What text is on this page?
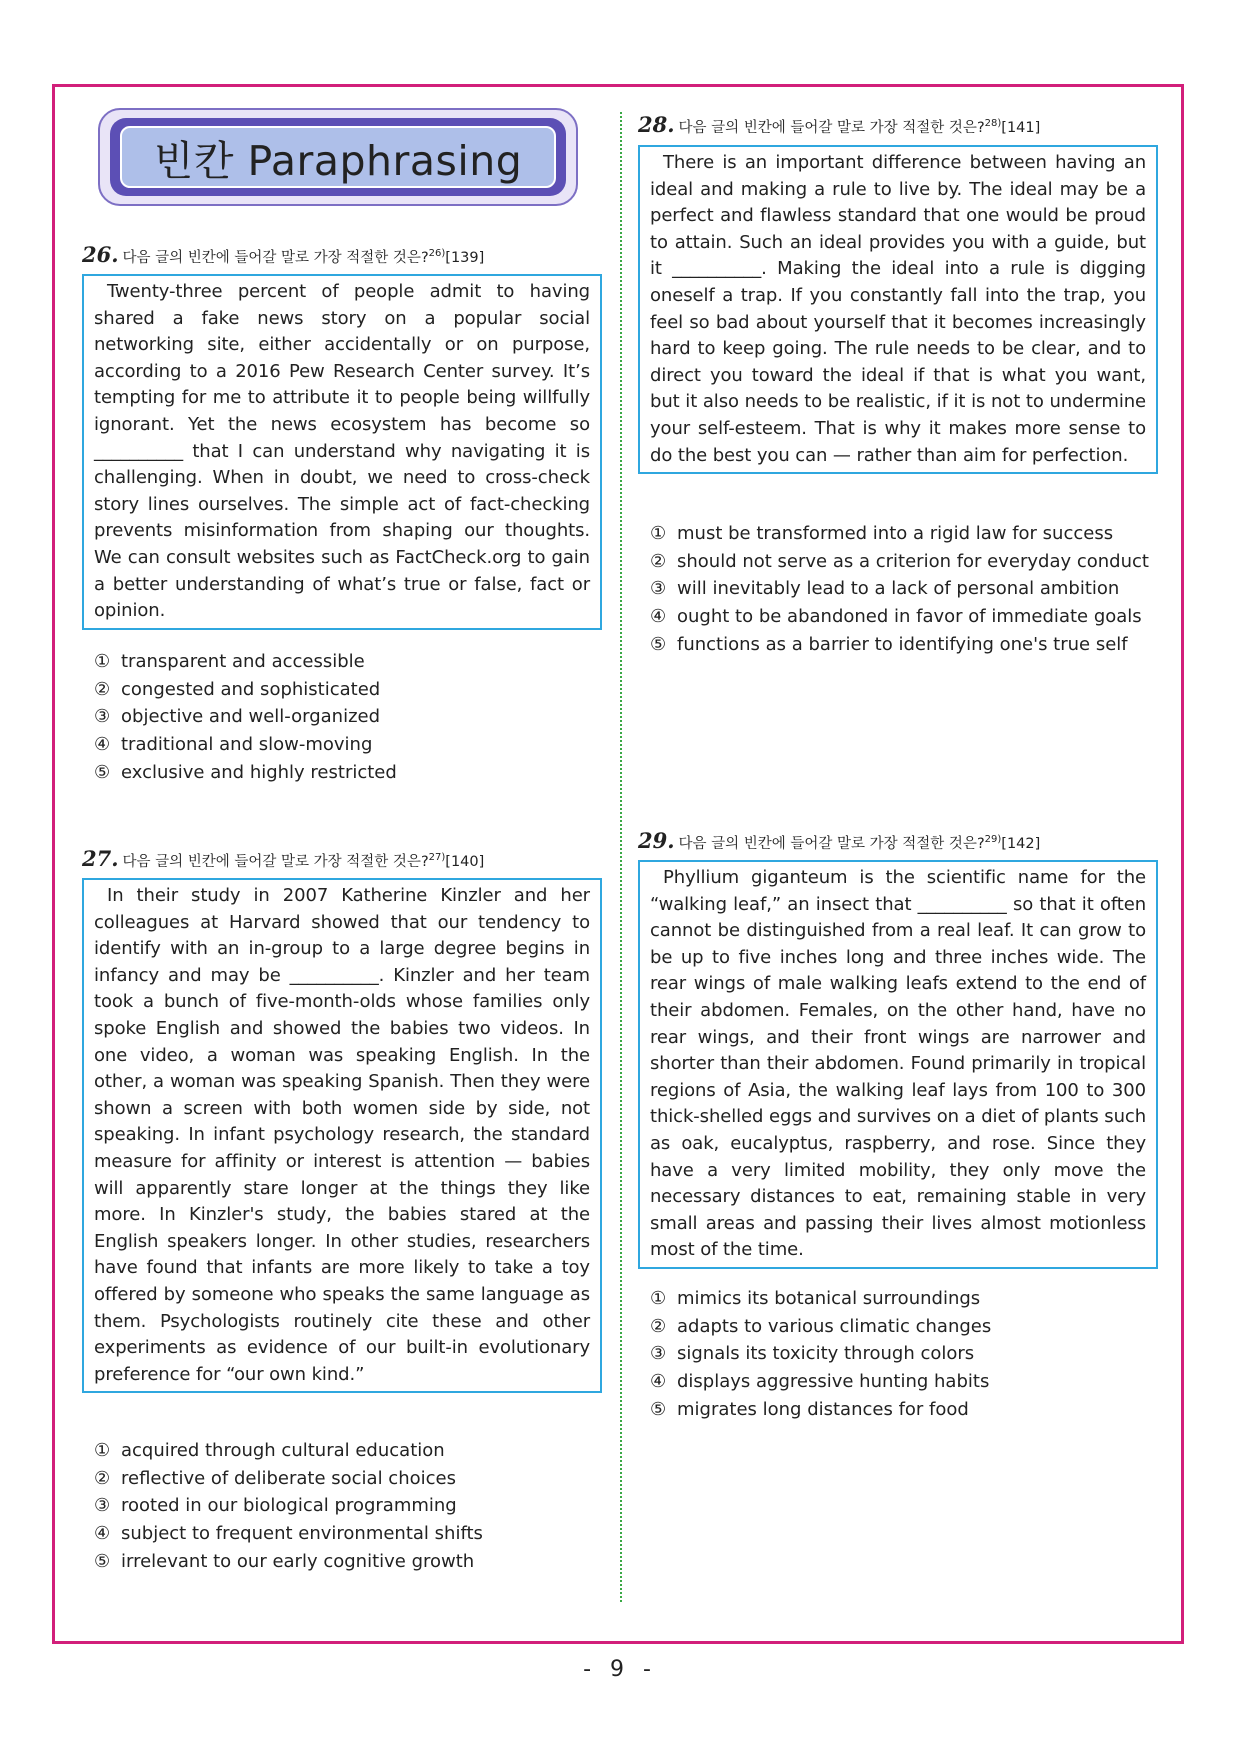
빈칸 Paraphrasing
26. 다음 글의 빈칸에 들어갈 말로 가장 적절한 것은?$^{26)}$[139]
Twenty-three percent of people admit to having shared a fake news story on a popular social networking site, either accidentally or on purpose, according to a 2016 Pew Research Center survey. It’s tempting for me to attribute it to people being willfully ignorant. Yet the news ecosystem has become so __________ that I can understand why navigating it is challenging. When in doubt, we need to cross-check story lines ourselves. The simple act of fact-checking prevents misinformation from shaping our thoughts. We can consult websites such as FactCheck.org to gain a better understanding of what’s true or false, fact or opinion.
① transparent and accessible
② congested and sophisticated
③ objective and well-organized
④ traditional and slow-moving
⑤ exclusive and highly restricted
27. 다음 글의 빈칸에 들어갈 말로 가장 적절한 것은?$^{27)}$[140]
In their study in 2007 Katherine Kinzler and her colleagues at Harvard showed that our tendency to identify with an in-group to a large degree begins in infancy and may be __________. Kinzler and her team took a bunch of five-month-olds whose families only spoke English and showed the babies two videos. In one video, a woman was speaking English. In the other, a woman was speaking Spanish. Then they were shown a screen with both women side by side, not speaking. In infant psychology research, the standard measure for affinity or interest is attention — babies will apparently stare longer at the things they like more. In Kinzler's study, the babies stared at the English speakers longer. In other studies, researchers have found that infants are more likely to take a toy offered by someone who speaks the same language as them. Psychologists routinely cite these and other experiments as evidence of our built-in evolutionary preference for “our own kind.”
① acquired through cultural education
② reflective of deliberate social choices
③ rooted in our biological programming
④ subject to frequent environmental shifts
⑤ irrelevant to our early cognitive growth
28. 다음 글의 빈칸에 들어갈 말로 가장 적절한 것은?$^{28)}$[141]
There is an important difference between having an ideal and making a rule to live by. The ideal may be a perfect and flawless standard that one would be proud to attain. Such an ideal provides you with a guide, but it __________. Making the ideal into a rule is digging oneself a trap. If you constantly fall into the trap, you feel so bad about yourself that it becomes increasingly hard to keep going. The rule needs to be clear, and to direct you toward the ideal if that is what you want, but it also needs to be realistic, if it is not to undermine your self-esteem. That is why it makes more sense to do the best you can — rather than aim for perfection.
① must be transformed into a rigid law for success
② should not serve as a criterion for everyday conduct
③ will inevitably lead to a lack of personal ambition
④ ought to be abandoned in favor of immediate goals
⑤ functions as a barrier to identifying one's true self
29. 다음 글의 빈칸에 들어갈 말로 가장 적절한 것은?$^{29)}$[142]
Phyllium giganteum is the scientific name for the “walking leaf,” an insect that __________ so that it often cannot be distinguished from a real leaf. It can grow to be up to five inches long and three inches wide. The rear wings of male walking leafs extend to the end of their abdomen. Females, on the other hand, have no rear wings, and their front wings are narrower and shorter than their abdomen. Found primarily in tropical regions of Asia, the walking leaf lays from 100 to 300 thick-shelled eggs and survives on a diet of plants such as oak, eucalyptus, raspberry, and rose. Since they have a very limited mobility, they only move the necessary distances to eat, remaining stable in very small areas and passing their lives almost motionless most of the time.
① mimics its botanical surroundings
② adapts to various climatic changes
③ signals its toxicity through colors
④ displays aggressive hunting habits
⑤ migrates long distances for food
- 9 -
